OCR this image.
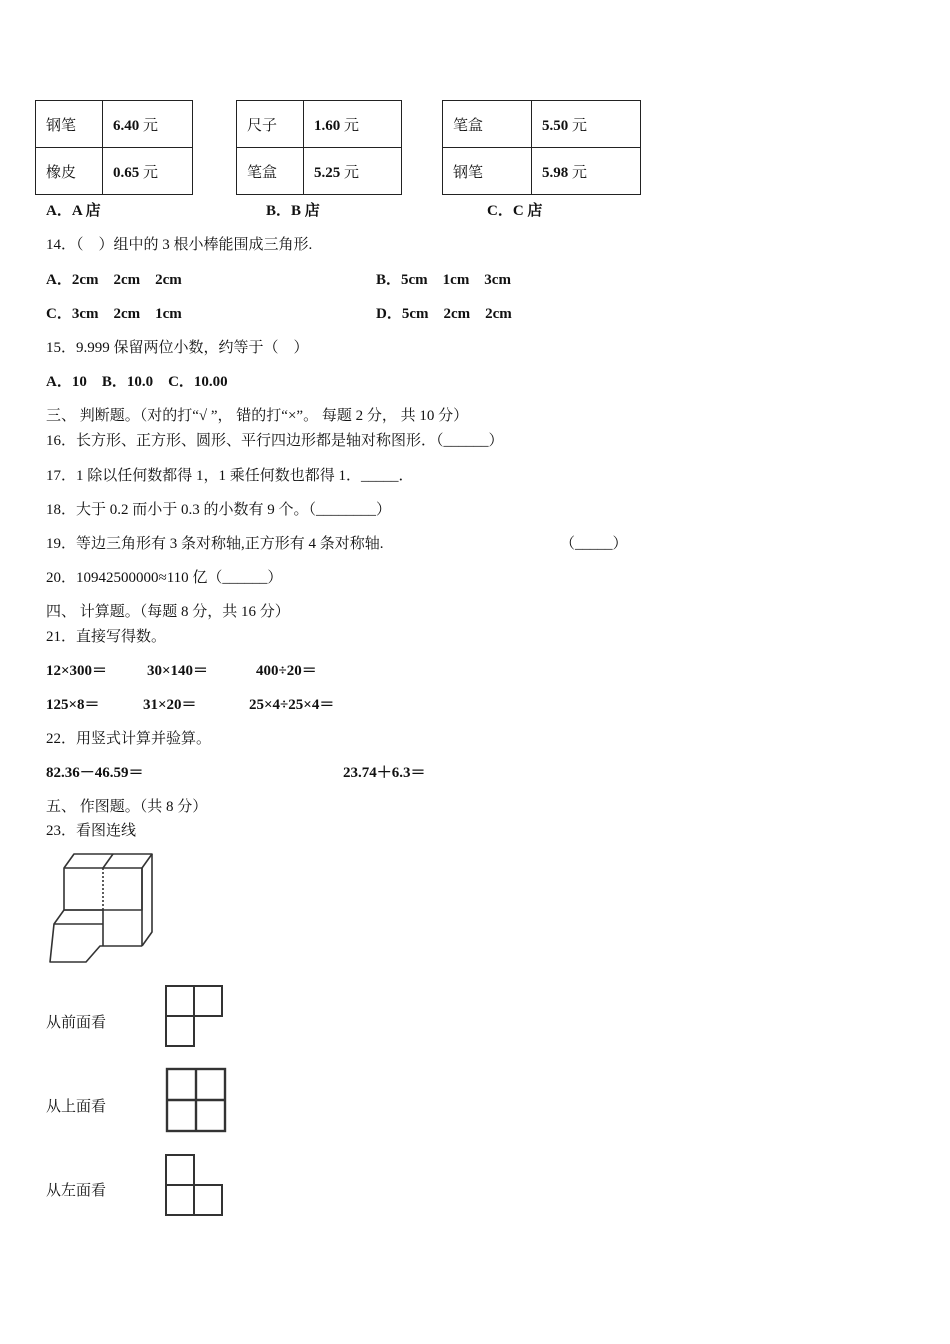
钢笔	6.40 元
橡皮	0.65 元
尺子	1.60 元
笔盒	5.25 元
笔盒	5.50 元
钢笔	5.98 元
A．A 店	B．B 店	C．C 店
14．（　）组中的 3 根小棒能围成三角形.
A．2cm　2cm　2cm	B．5cm　1cm　3cm
C．3cm　2cm　1cm	D．5cm　2cm　2cm
15．9.999 保留两位小数，约等于（　）
A．10　B．10.0　C．10.00
三、 判断题。（对的打“√ ”， 错的打“×”。 每题 2 分， 共 10 分）
16．长方形、正方形、圆形、平行四边形都是轴对称图形．（______）
17．1 除以任何数都得 1，1 乘任何数也都得 1．_____．
18．大于 0.2 而小于 0.3 的小数有 9 个。（________）
19．等边三角形有 3 条对称轴,正方形有 4 条对称轴.	（_____）
20．10942500000≈110 亿（______）
四、 计算题。（每题 8 分，共 16 分）
21．直接写得数。
12×300＝	30×140＝	400÷20＝
125×8＝	31×20＝	25×4÷25×4＝
22．用竖式计算并验算。
82.36－46.59＝	23.74＋6.3＝
五、 作图题。（共 8 分）
23．看图连线
从前面看
从上面看
从左面看
